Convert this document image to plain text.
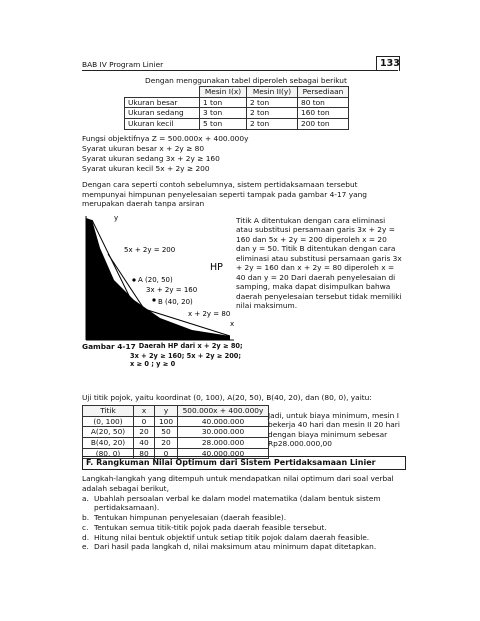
BAB IV Program Linier	133
Dengan menggunakan tabel diperoleh sebagai berikut
	Mesin I(x)	Mesin II(y)	Persediaan
Ukuran besar	1 ton	2 ton	80 ton
Ukuran sedang	3 ton	2 ton	160 ton
Ukuran kecil	5 ton	2 ton	200 ton
Fungsi objektifnya Z = 500.000x + 400.000y
Syarat ukuran besar x + 2y ≥ 80
Syarat ukuran sedang 3x + 2y ≥ 160
Syarat ukuran kecil 5x + 2y ≥ 200
Dengan cara seperti contoh sebelumnya, sistem pertidaksamaan tersebut mempunyai himpunan penyelesaian seperti tampak pada gambar 4-17 yang merupakan daerah tanpa arsiran
y
x
5x + 2y = 200
HP
A (20, 50)
3x + 2y = 160
B (40, 20)
x + 2y = 80
Titik A ditentukan dengan cara eliminasi atau substitusi persamaan garis 3x + 2y = 160 dan 5x + 2y = 200 diperoleh x = 20 dan y = 50. Titik B ditentukan dengan cara eliminasi atau substitusi persamaan garis 3x + 2y = 160 dan x + 2y = 80 diperoleh x = 40 dan y = 20 Dari daerah penyelesaian di samping, maka dapat disimpulkan bahwa daerah penyelesaian tersebut tidak memiliki nilai maksimum.
Gambar 4-17 Daerah HP dari x + 2y ≥ 80;
3x + 2y ≥ 160; 5x + 2y ≥ 200;
x ≥ 0 ; y ≥ 0
Uji titik pojok, yaitu koordinat (0, 100), A(20, 50), B(40, 20), dan (80, 0), yaitu:
Titik	x	y	500.000x + 400.000y
(0, 100)	0	100	40.000.000
A(20, 50)	20	50	30.000.000
B(40, 20)	40	20	28.000.000
(80, 0)	80	0	40.000.000
Jadi, untuk biaya minimum, mesin I bekerja 40 hari dan mesin II 20 hari dengan biaya minimum sebesar Rp28.000.000,00
F. Rangkuman Nilai Optimum dari Sistem Pertidaksamaan Linier
Langkah-langkah yang ditempuh untuk mendapatkan nilai optimum dari soal verbal adalah sebagai berikut,
a. Ubahlah persoalan verbal ke dalam model matematika (dalam bentuk sistem pertidaksamaan).
b. Tentukan himpunan penyelesaian (daerah feasible).
c. Tentukan semua titik-titik pojok pada daerah feasible tersebut.
d. Hitung nilai bentuk objektif untuk setiap titik pojok dalam daerah feasible.
e. Dari hasil pada langkah d, nilai maksimum atau minimum dapat ditetapkan.
